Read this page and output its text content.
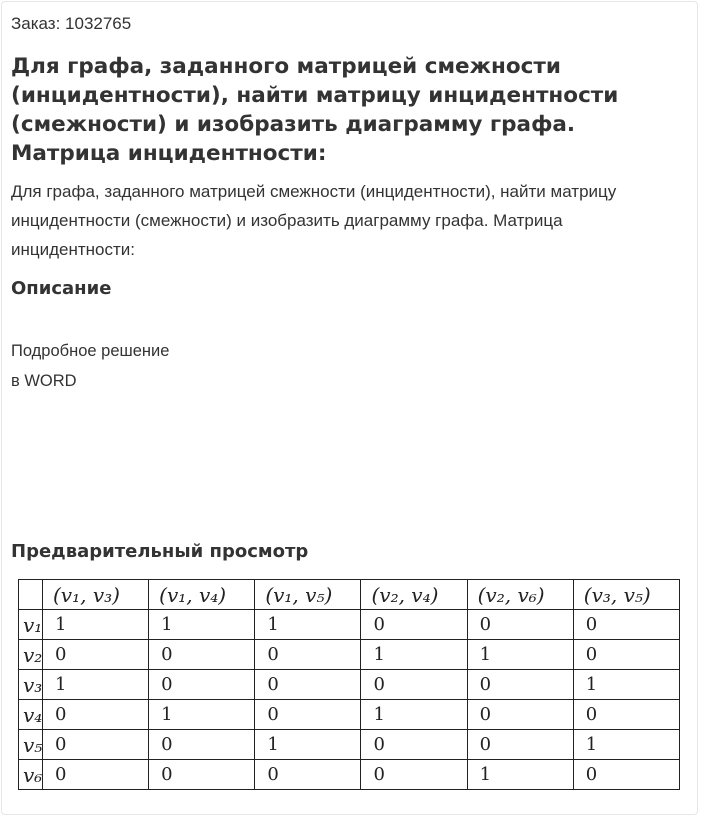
Заказ: 1032765
Для графа, заданного матрицей смежности (инцидентности), найти матрицу инцидентности (смежности) и изобразить диаграмму графа. Матрица инцидентности:

Для графа, заданного матрицей смежности (инцидентности), найти матрицу инцидентности (смежности) и изобразить диаграмму графа. Матрица инцидентности:

Описание
Подробное решение
в WORD
Предварительный просмотр
	(v₁, v₃)	(v₁, v₄)	(v₁, v₅)	(v₂, v₄)	(v₂, v₆)	(v₃, v₅)
v₁	1	1	1	0	0	0
v₂	0	0	0	1	1	0
v₃	1	0	0	0	0	1
v₄	0	1	0	1	0	0
v₅	0	0	1	0	0	1
v₆	0	0	0	0	1	0
